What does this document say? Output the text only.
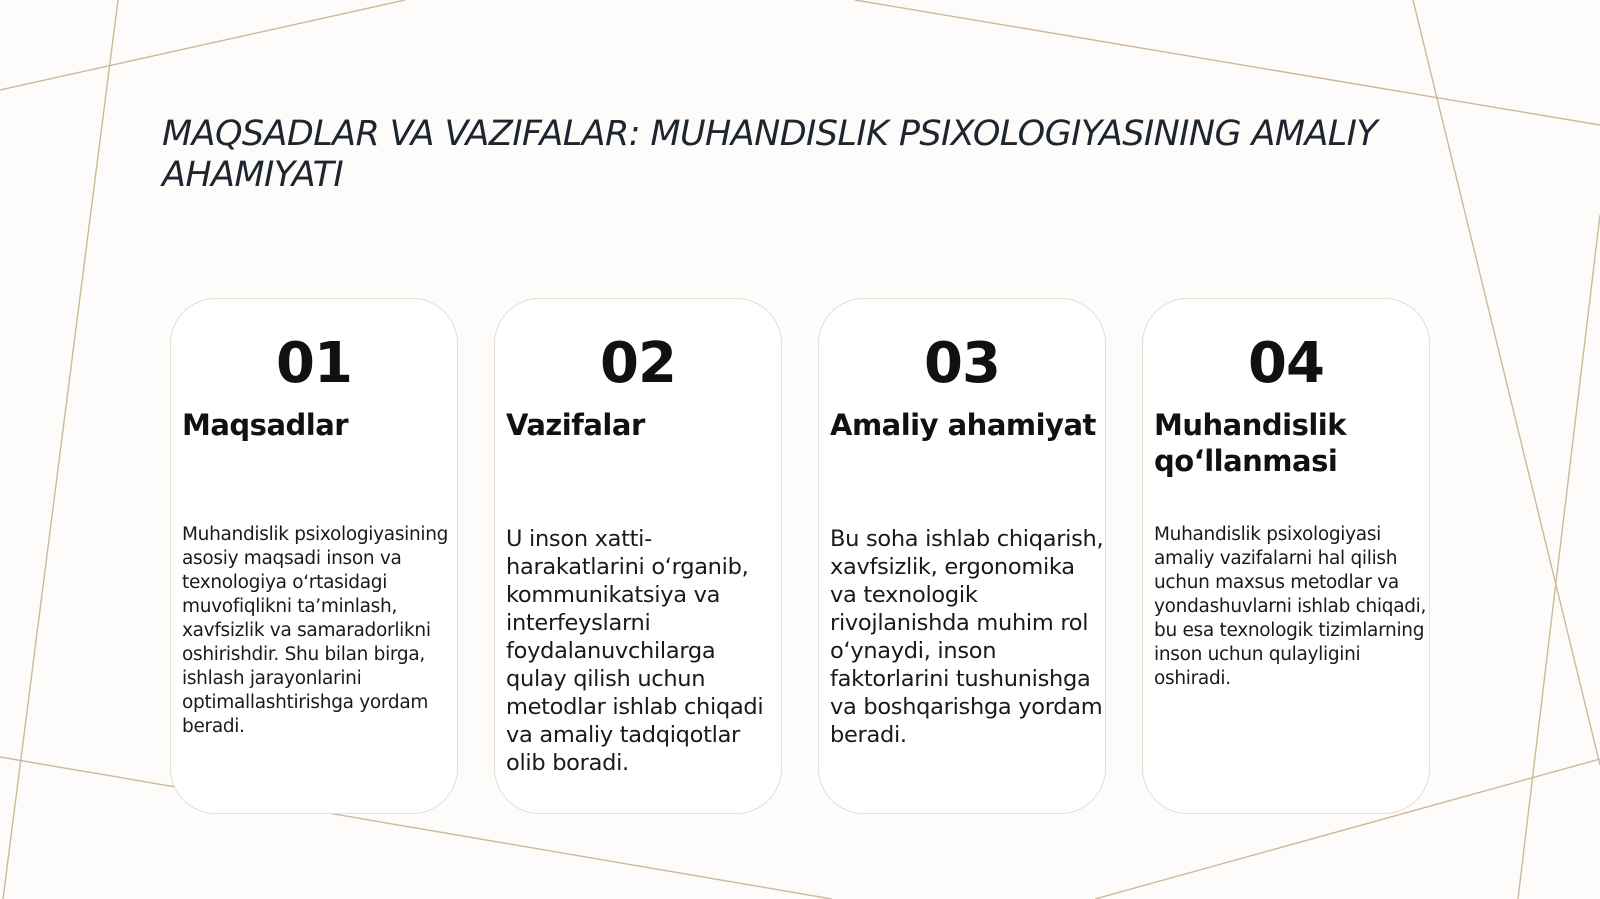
MAQSADLAR VA VAZIFALAR: MUHANDISLIK PSIXOLOGIYASINING AMALIY AHAMIYATI
01
Maqsadlar

Muhandislik psixologiyasining asosiy maqsadi inson va texnologiya o‘rtasidagi muvofiqlikni ta’minlash, xavfsizlik va samaradorlikni oshirishdir. Shu bilan birga, ishlash jarayonlarini optimallashtirishga yordam beradi.

02
Vazifalar

U inson xatti-harakatlarini o‘rganib, kommunikatsiya va interfeyslarni foydalanuvchilarga qulay qilish uchun metodlar ishlab chiqadi va amaliy tadqiqotlar olib boradi.

03
Amaliy ahamiyat

Bu soha ishlab chiqarish, xavfsizlik, ergonomika va texnologik rivojlanishda muhim rol o‘ynaydi, inson faktorlarini tushunishga va boshqarishga yordam beradi.

04
Muhandislik qo‘llanmasi

Muhandislik psixologiyasi amaliy vazifalarni hal qilish uchun maxsus metodlar va yondashuvlarni ishlab chiqadi, bu esa texnologik tizimlarning inson uchun qulayligini oshiradi.
